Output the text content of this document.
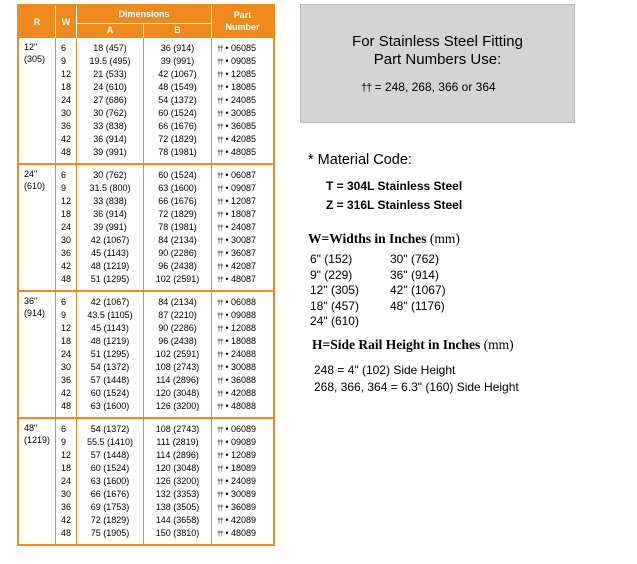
R	W
Dimensions
A	B
Part
Number
12"
(305)
6	18 (457)	36 (914)	†† • 06085
9	19.5 (495)	39 (991)	†† • 09085
12	21 (533)	42 (1067)	†† • 12085
18	24 (610)	48 (1549)	†† • 18085
24	27 (686)	54 (1372)	†† • 24085
30	30 (762)	60 (1524)	†† • 30085
36	33 (838)	66 (1676)	†† • 36085
42	36 (914)	72 (1829)	†† • 42085
48	39 (991)	78 (1981)	†† • 48085
24"
(610)
6	30 (762)	60 (1524)	†† • 06087
9	31.5 (800)	63 (1600)	†† • 09087
12	33 (838)	66 (1676)	†† • 12087
18	36 (914)	72 (1829)	†† • 18087
24	39 (991)	78 (1981)	†† • 24087
30	42 (1067)	84 (2134)	†† • 30087
36	45 (1143)	90 (2286)	†† • 36087
42	48 (1219)	96 (2438)	†† • 42087
48	51 (1295)	102 (2591)	†† • 48087
36"
(914)
6	42 (1067)	84 (2134)	†† • 06088
9	43.5 (1105)	87 (2210)	†† • 09088
12	45 (1143)	90 (2286)	†† • 12088
18	48 (1219)	96 (2438)	†† • 18088
24	51 (1295)	102 (2591)	†† • 24088
30	54 (1372)	108 (2743)	†† • 30088
36	57 (1448)	114 (2896)	†† • 36088
42	60 (1524)	120 (3048)	†† • 42088
48	63 (1600)	126 (3200)	†† • 48088
48"
(1219)
6	54 (1372)	108 (2743)	†† • 06089
9	55.5 (1410)	111 (2819)	†† • 09089
12	57 (1448)	114 (2896)	†† • 12089
18	60 (1524)	120 (3048)	†† • 18089
24	63 (1600)	126 (3200)	†† • 24089
30	66 (1676)	132 (3353)	†† • 30089
36	69 (1753)	138 (3505)	†† • 36089
42	72 (1829)	144 (3658)	†† • 42089
48	75 (1905)	150 (3810)	†† • 48089
For Stainless Steel Fitting
Part Numbers Use:
†† = 248, 268, 366 or 364
* Material Code:
T = 304L Stainless Steel
Z = 316L Stainless Steel
W=Widths in Inches (mm)
6" (152)
9" (229)
12" (305)
18" (457)
24" (610)
30" (762)
36" (914)
42" (1067)
48" (1176)
H=Side Rail Height in Inches (mm)
248 = 4" (102) Side Height
268, 366, 364 = 6.3" (160) Side Height
